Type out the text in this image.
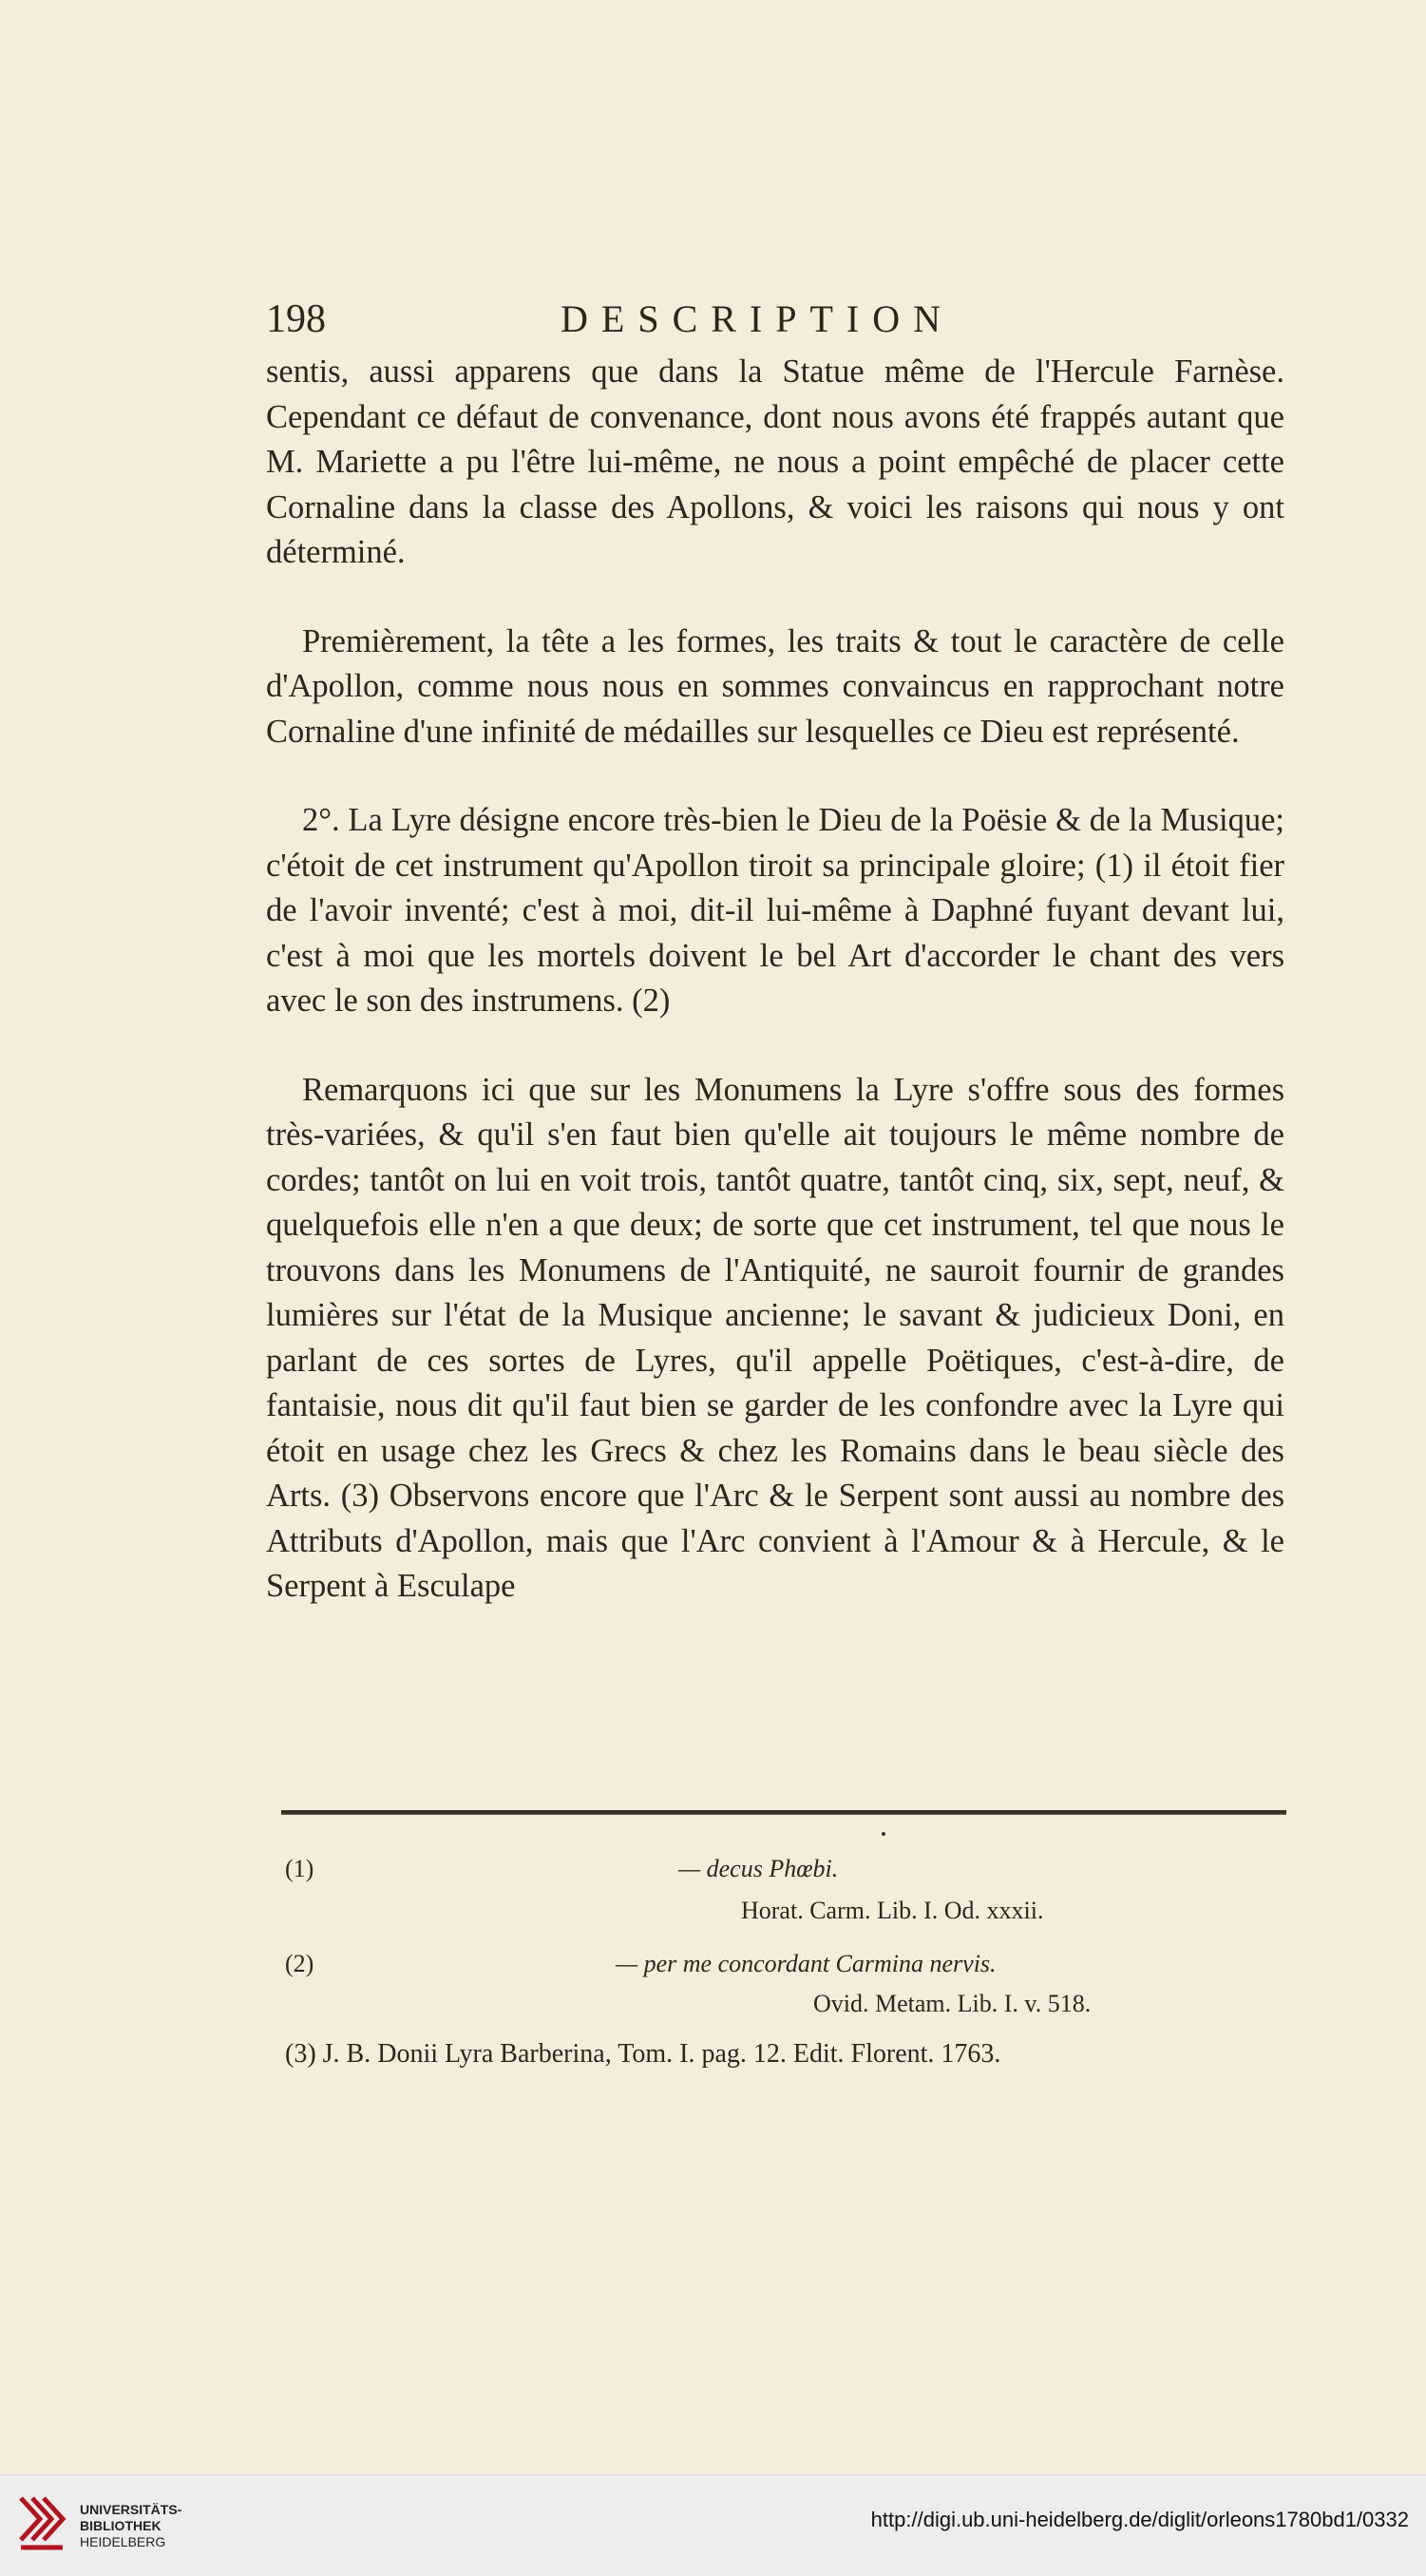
198	DESCRIPTION

sentis, aussi apparens que dans la Statue même de l'Hercule Farnèse. Cependant ce défaut de convenance, dont nous avons été frappés autant que M. Mariette a pu l'être lui-même, ne nous a point empêché de placer cette Cornaline dans la classe des Apollons, & voici les raisons qui nous y ont déterminé.

Premièrement, la tête a les formes, les traits & tout le caractère de celle d'Apollon, comme nous nous en sommes convaincus en rapprochant notre Cornaline d'une infinité de médailles sur lesquelles ce Dieu est représenté.

2°. La Lyre désigne encore très-bien le Dieu de la Poësie & de la Musique; c'étoit de cet instrument qu'Apollon tiroit sa principale gloire; (1) il étoit fier de l'avoir inventé; c'est à moi, dit-il lui-même à Daphné fuyant devant lui, c'est à moi que les mortels doivent le bel Art d'accorder le chant des vers avec le son des instrumens. (2)

Remarquons ici que sur les Monumens la Lyre s'offre sous des formes très-variées, & qu'il s'en faut bien qu'elle ait toujours le même nombre de cordes; tantôt on lui en voit trois, tantôt quatre, tantôt cinq, six, sept, neuf, & quelquefois elle n'en a que deux; de sorte que cet instrument, tel que nous le trouvons dans les Monumens de l'Antiquité, ne sauroit fournir de grandes lumières sur l'état de la Musique ancienne; le savant & judicieux Doni, en parlant de ces sortes de Lyres, qu'il appelle Poëtiques, c'est-à-dire, de fantaisie, nous dit qu'il faut bien se garder de les confondre avec la Lyre qui étoit en usage chez les Grecs & chez les Romains dans le beau siècle des Arts. (3) Observons encore que l'Arc & le Serpent sont aussi au nombre des Attributs d'Apollon, mais que l'Arc convient à l'Amour & à Hercule, & le Serpent à Esculape

(1)	— decus Phœbi.
Horat. Carm. Lib. I. Od. xxxii.
(2)	— per me concordant Carmina nervis.
Ovid. Metam. Lib. I. v. 518.
(3) J. B. Donii Lyra Barberina, Tom. I. pag. 12. Edit. Florent. 1763.
UNIVERSITÄTS-
BIBLIOTHEK
HEIDELBERG
http://digi.ub.uni-heidelberg.de/diglit/orleons1780bd1/0332
